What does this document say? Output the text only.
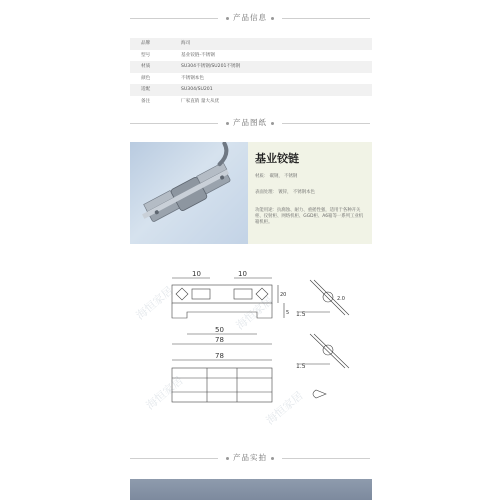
产品信息
品牌	海司
型号	基业铰链-不锈钢
材质	SU304不锈钢/SU201不锈钢
颜色	不锈钢本色
适配	SU304/SU201
备注	厂家直销 量大从优
产品图纸
基业铰链
材质： 碳钢， 不锈钢
表面处理： 镀锌， 不锈钢本色
功能用途：抗腐蚀、耐力、重摇性强，适用于各种开关柜、仪射柜、网络机柜、GGD柜、A6箱等一系列工业机箱机柜。
海恒家居	海恒家居
海恒家居	海恒家居
10	10
50
78
20
5 1.5
1.5
2.0
78
产品实拍
